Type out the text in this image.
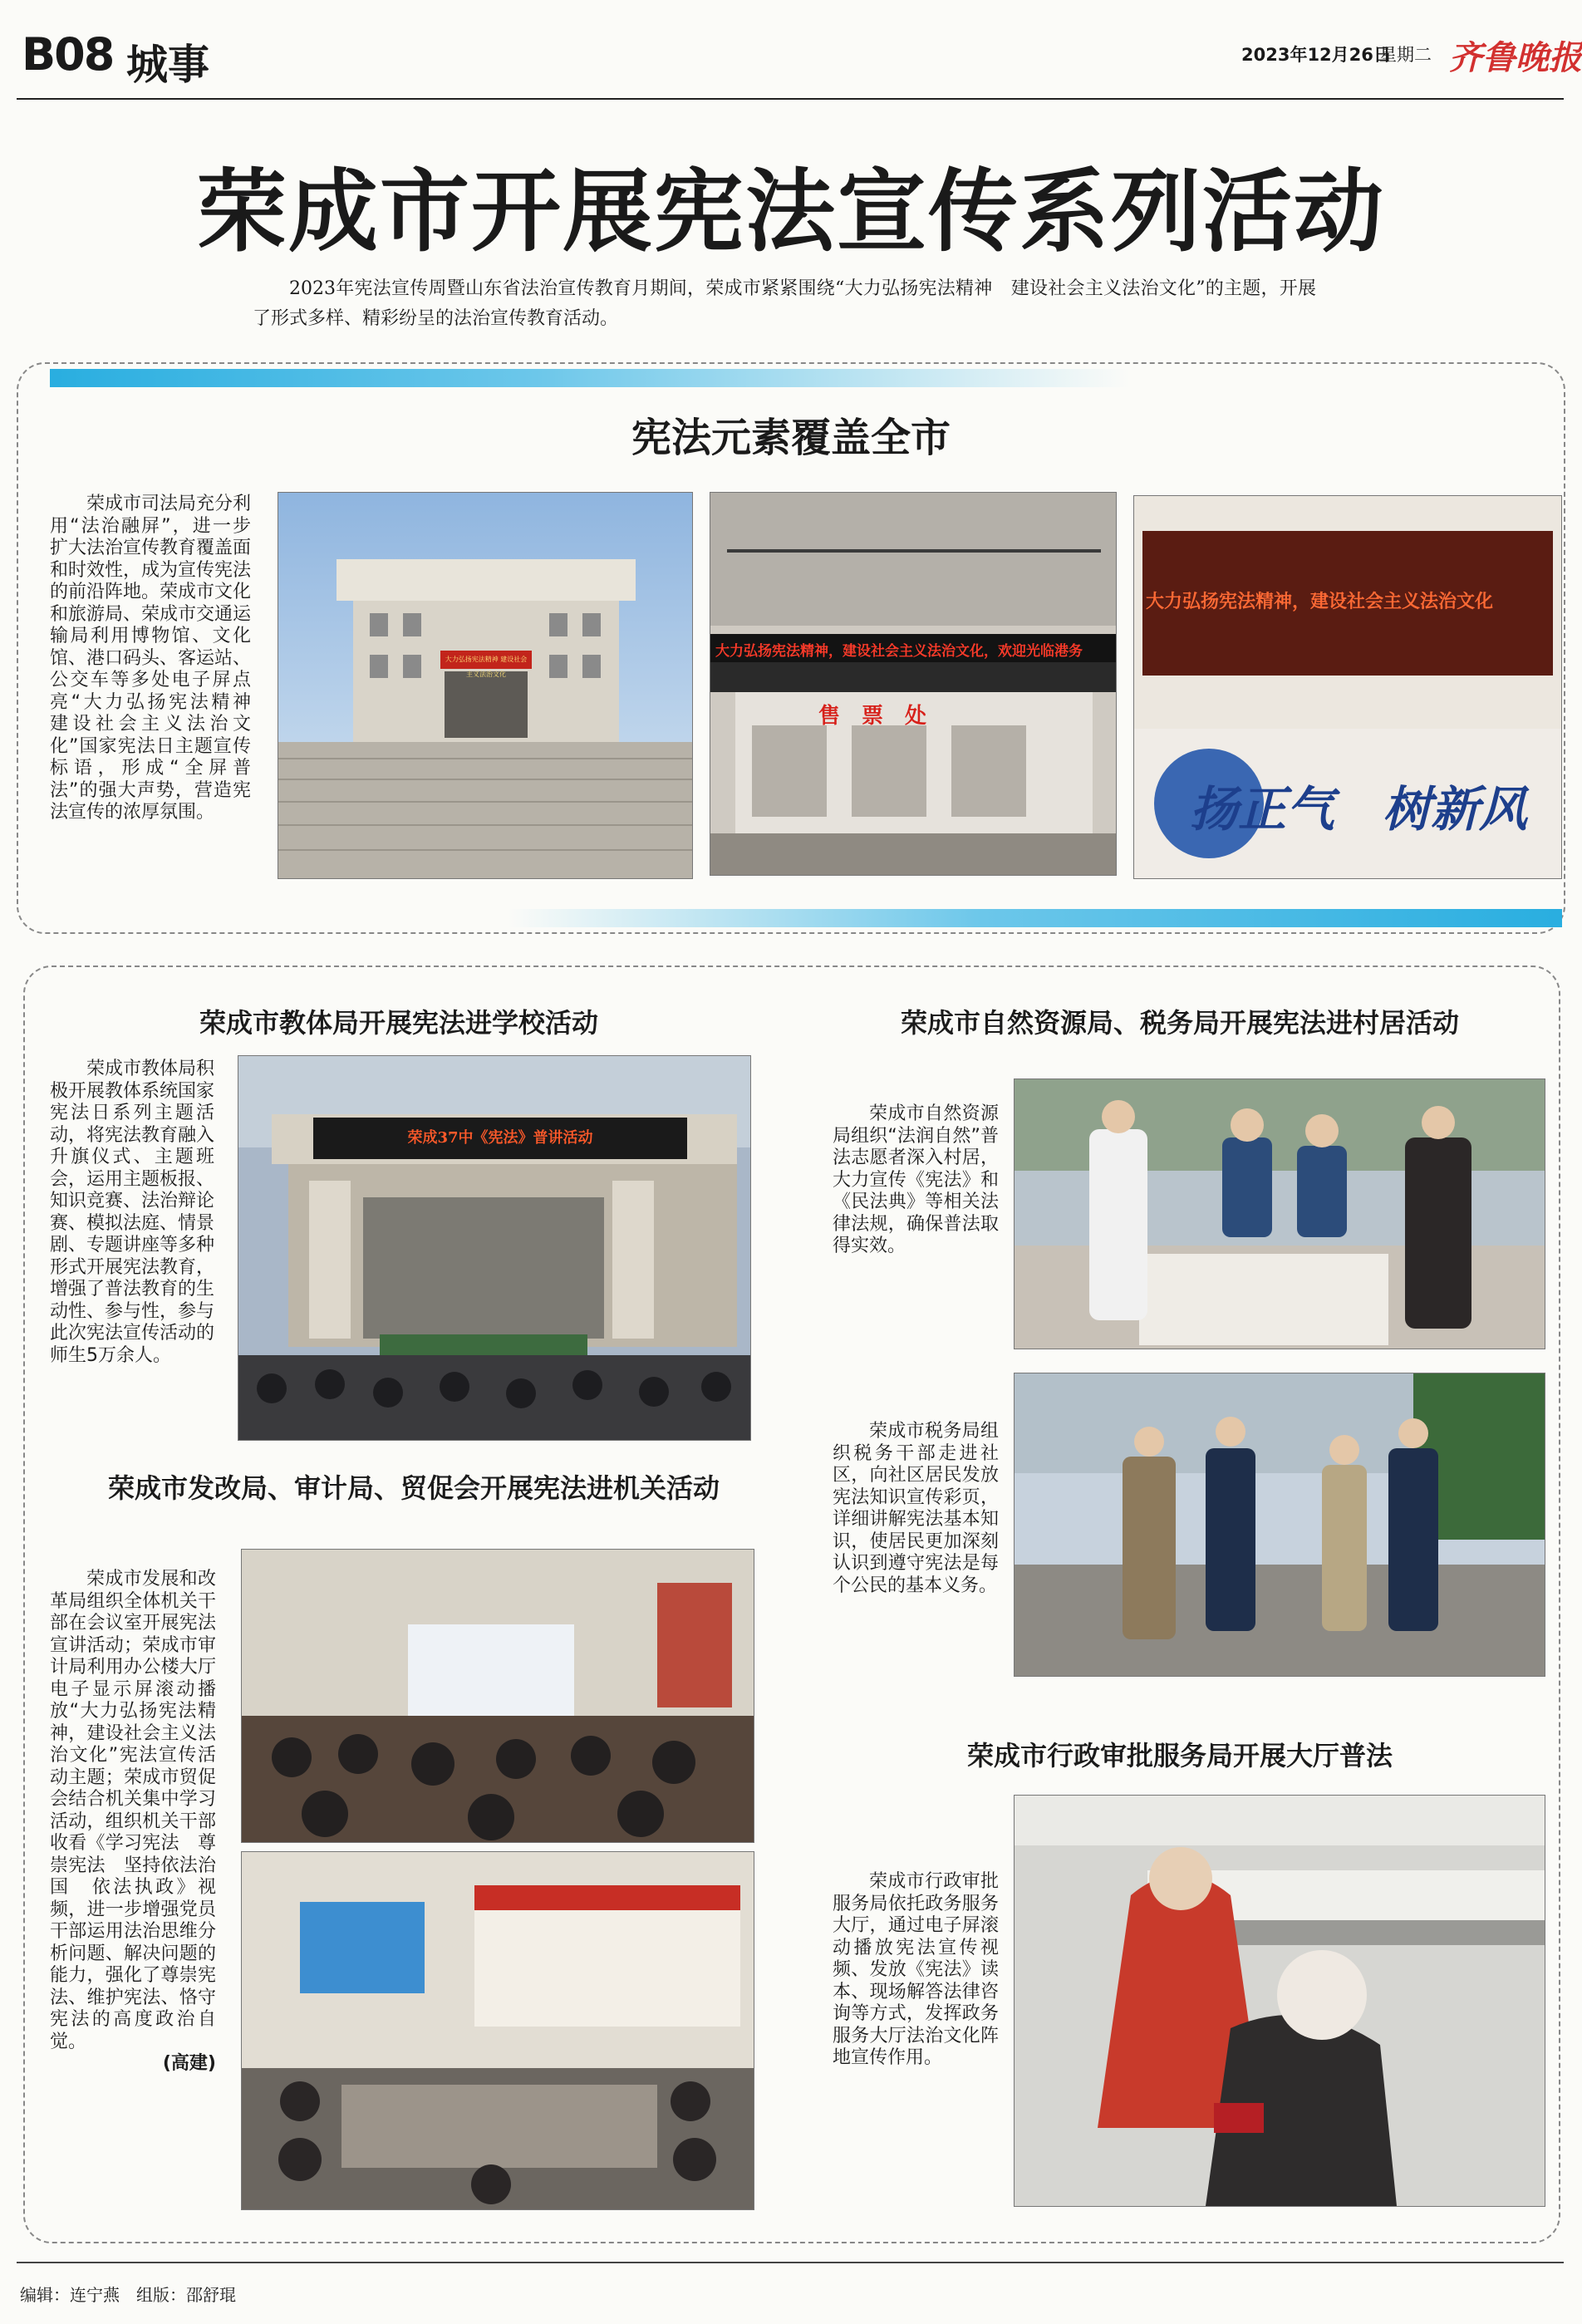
B08 城事	2023年12月26日
星期二 齐鲁晚报
荣成市开展宪法宣传系列活动
2023年宪法宣传周暨山东省法治宣传教育月期间，荣成市紧紧围绕“大力弘扬宪法精神　建设社会主义法治文化”的主题，开展了形式多样、精彩纷呈的法治宣传教育活动。
宪法元素覆盖全市
荣成市司法局充分利用“法治融屏”，进一步扩大法治宣传教育覆盖面和时效性，成为宣传宪法的前沿阵地。荣成市文化和旅游局、荣成市交通运输局利用博物馆、文化馆、港口码头、客运站、公交车等多处电子屏点亮“大力弘扬宪法精神　建设社会主义法治文化”国家宪法日主题宣传标语，形成“全屏普法”的强大声势，营造宪法宣传的浓厚氛围。
大力弘扬宪法精神 建设社会主义法治文化
大力弘扬宪法精神，建设社会主义法治文化，欢迎光临港务
售　票　处
大力弘扬宪法精神，建设社会主义法治文化
扬正气　树新风
荣成市教体局开展宪法进学校活动
荣成市教体局积极开展教体系统国家宪法日系列主题活动，将宪法教育融入升旗仪式、主题班会，运用主题板报、知识竞赛、法治辩论赛、模拟法庭、情景剧、专题讲座等多种形式开展宪法教育，增强了普法教育的生动性、参与性，参与此次宪法宣传活动的师生5万余人。
荣成37中《宪法》普讲活动
荣成市发改局、审计局、贸促会开展宪法进机关活动
荣成市发展和改革局组织全体机关干部在会议室开展宪法宣讲活动；荣成市审计局利用办公楼大厅电子显示屏滚动播放“大力弘扬宪法精神，建设社会主义法治文化”宪法宣传活动主题；荣成市贸促会结合机关集中学习活动，组织机关干部收看《学习宪法　尊崇宪法　坚持依法治国　依法执政》视频，进一步增强党员干部运用法治思维分析问题、解决问题的能力，强化了尊崇宪法、维护宪法、恪守宪法的高度政治自觉。
(高建)
荣成市自然资源局、税务局开展宪法进村居活动
荣成市自然资源局组织“法润自然”普法志愿者深入村居，大力宣传《宪法》和《民法典》等相关法律法规，确保普法取得实效。
荣成市税务局组织税务干部走进社区，向社区居民发放宪法知识宣传彩页，详细讲解宪法基本知识，使居民更加深刻认识到遵守宪法是每个公民的基本义务。
荣成市行政审批服务局开展大厅普法
荣成市行政审批服务局依托政务服务大厅，通过电子屏滚动播放宪法宣传视频、发放《宪法》读本、现场解答法律咨询等方式，发挥政务服务大厅法治文化阵地宣传作用。
编辑：连宁燕　组版：邵舒琨
